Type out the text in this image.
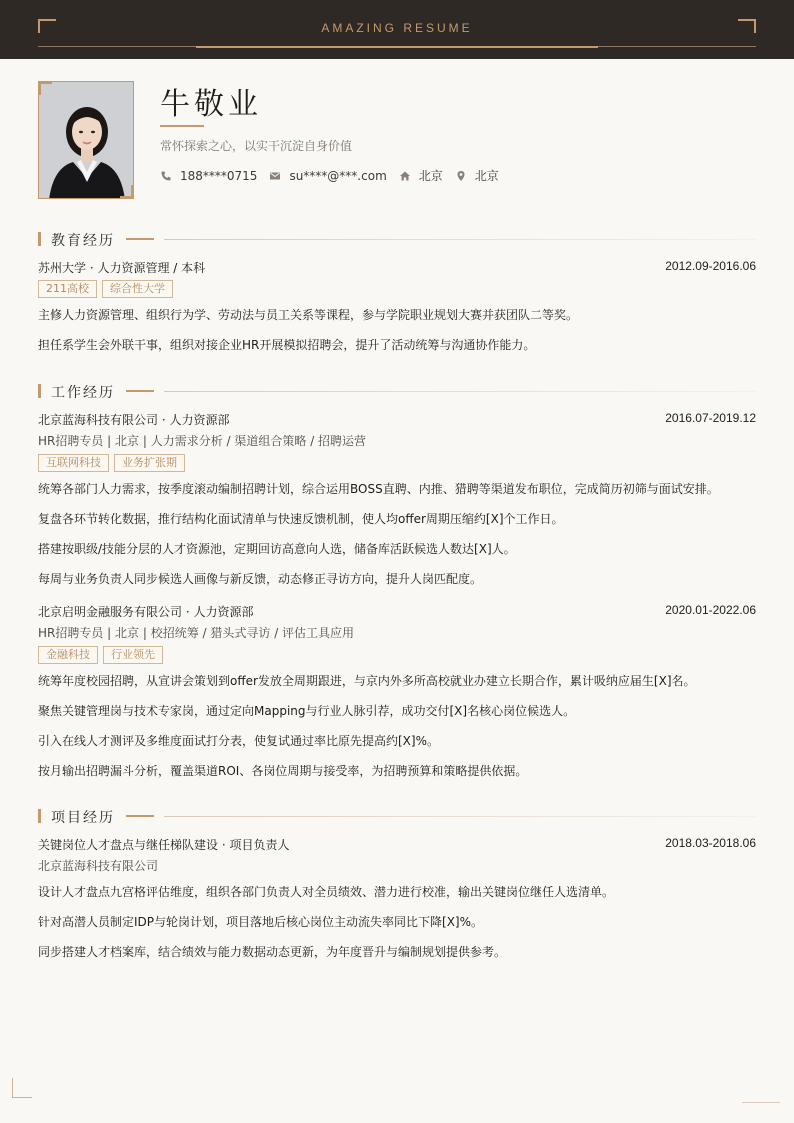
AMAZING RESUME
牛敬业
常怀探索之心，以实干沉淀自身价值
188****0715	su****@***.com	北京	北京
教育经历
苏州大学 · 人力资源管理 / 本科	2012.09-2016.06
211高校	综合性大学
主修人力资源管理、组织行为学、劳动法与员工关系等课程，参与学院职业规划大赛并获团队二等奖。
担任系学生会外联干事，组织对接企业HR开展模拟招聘会，提升了活动统筹与沟通协作能力。
工作经历
北京蓝海科技有限公司 · 人力资源部	2016.07-2019.12
HR招聘专员 | 北京 | 人力需求分析 / 渠道组合策略 / 招聘运营
互联网科技	业务扩张期
统筹各部门人力需求，按季度滚动编制招聘计划，综合运用BOSS直聘、内推、猎聘等渠道发布职位，完成简历初筛与面试安排。
复盘各环节转化数据，推行结构化面试清单与快速反馈机制，使人均offer周期压缩约[X]个工作日。
搭建按职级/技能分层的人才资源池，定期回访高意向人选，储备库活跃候选人数达[X]人。
每周与业务负责人同步候选人画像与新反馈，动态修正寻访方向，提升人岗匹配度。
北京启明金融服务有限公司 · 人力资源部	2020.01-2022.06
HR招聘专员 | 北京 | 校招统筹 / 猎头式寻访 / 评估工具应用
金融科技	行业领先
统筹年度校园招聘，从宣讲会策划到offer发放全周期跟进，与京内外多所高校就业办建立长期合作，累计吸纳应届生[X]名。
聚焦关键管理岗与技术专家岗，通过定向Mapping与行业人脉引荐，成功交付[X]名核心岗位候选人。
引入在线人才测评及多维度面试打分表，使复试通过率比原先提高约[X]%。
按月输出招聘漏斗分析，覆盖渠道ROI、各岗位周期与接受率，为招聘预算和策略提供依据。
项目经历
关键岗位人才盘点与继任梯队建设 · 项目负责人	2018.03-2018.06
北京蓝海科技有限公司
设计人才盘点九宫格评估维度，组织各部门负责人对全员绩效、潜力进行校准，输出关键岗位继任人选清单。
针对高潜人员制定IDP与轮岗计划，项目落地后核心岗位主动流失率同比下降[X]%。
同步搭建人才档案库，结合绩效与能力数据动态更新，为年度晋升与编制规划提供参考。
